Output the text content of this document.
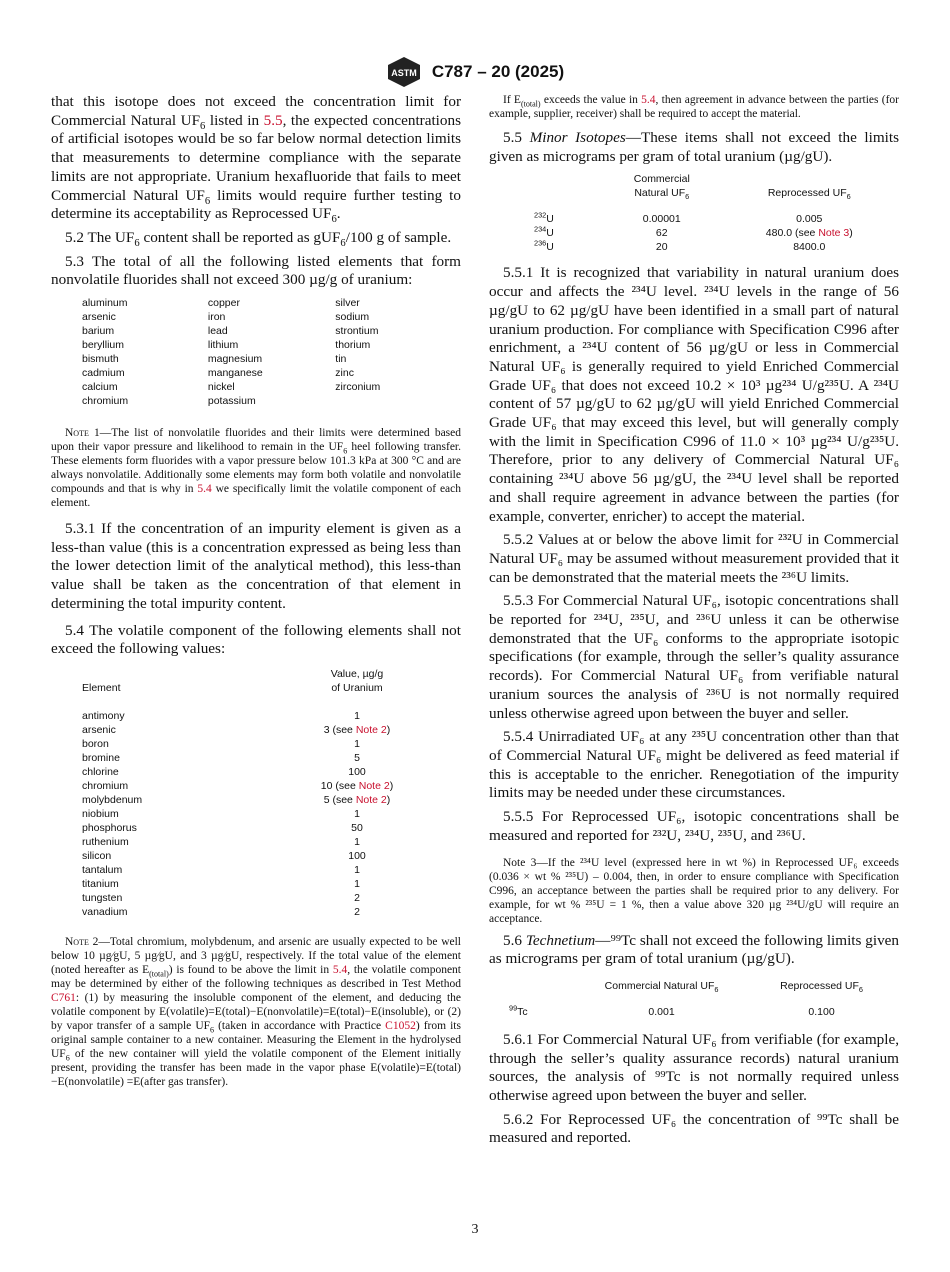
ASTM C787 – 20 (2025)

that this isotope does not exceed the concentration limit for Commercial Natural $UF_6$ listed in 5.5, the expected concentrations of artificial isotopes would be so far below normal detection limits that measurements to determine compliance with the separate limits are not appropriate. Uranium hexafluoride that fails to meet Commercial Natural $UF_6$ limits would require further testing to determine its acceptability as Reprocessed $UF_6$.

5.2 The $UF_6$ content shall be reported as gUF$_6$/100 g of sample.

5.3 The total of all the following listed elements that form nonvolatile fluorides shall not exceed 300 µg/g of uranium:

aluminum	copper	silver
arsenic	iron	sodium
barium	lead	strontium
beryllium	lithium	thorium
bismuth	magnesium	tin
cadmium	manganese	zinc
calcium	nickel	zirconium
chromium	potassium	

Note 1—The list of nonvolatile fluorides and their limits were determined based upon their vapor pressure and likelihood to remain in the $UF_6$ heel following transfer. These elements form fluorides with a vapor pressure below 101.3 kPa at 300 °C and are always nonvolatile. Additionally some elements may form both volatile and nonvolatile compounds and that is why in 5.4 we specifically limit the volatile component of each element.

5.3.1 If the concentration of an impurity element is given as a less-than value (this is a concentration expressed as being less than the lower detection limit of the analytical method), this less-than value shall be taken as the concentration of that element in determining the total impurity content.

5.4 The volatile component of the following elements shall not exceed the following values:

Element	Value, µg/g
of Uranium

antimony	1
arsenic	3 (see Note 2)
boron	1
bromine	5
chlorine	100
chromium	10 (see Note 2)
molybdenum	5 (see Note 2)
niobium	1
phosphorus	50
ruthenium	1
silicon	100
tantalum	1
titanium	1
tungsten	2
vanadium	2

Note 2—Total chromium, molybdenum, and arsenic are usually expected to be well below 10 µg⁄gU, 5 µg⁄gU, and 3 µg⁄gU, respectively. If the total value of the element (noted hereafter as $E_{(total)}$) is found to be above the limit in 5.4, the volatile component may be determined by either of the following techniques as described in Test Method C761: (1) by measuring the insoluble component of the element, and deducing the volatile component by E(volatile)=E(total)−E(nonvolatile)=E(total)−E(insoluble), or (2) by vapor transfer of a sample $UF_6$ (taken in accordance with Practice C1052) from its original sample container to a new container. Measuring the Element in the hydrolysed $UF_6$ of the new container will yield the volatile component of the Element initially present, providing the transfer has been made in the vapor phase E(volatile)=E(total)−E(nonvolatile) =E(after gas transfer).

If $E_{(total)}$ exceeds the value in 5.4, then agreement in advance between the parties (for example, supplier, receiver) shall be required to accept the material.

5.5 Minor Isotopes—These items shall not exceed the limits given as micrograms per gram of total uranium (µg/gU).

	Commercial
Natural $UF_6$	Reprocessed $UF_6$

$^{232}$U	0.00001	0.005
$^{234}$U	62	480.0 (see Note 3)
$^{236}$U	20	8400.0

5.5.1 It is recognized that variability in natural uranium does occur and affects the ²³⁴U level. ²³⁴U levels in the range of 56 µg/gU to 62 µg/gU have been identified in a small part of natural uranium production. For compliance with Specification C996 after enrichment, a ²³⁴U content of 56 µg/gU or less in Commercial Natural UF₆ is generally required to yield Enriched Commercial Grade UF₆ that does not exceed 10.2 × 10³ µg²³⁴ U/g²³⁵U. A ²³⁴U content of 57 µg/gU to 62 µg/gU will yield Enriched Commercial Grade UF₆ that may exceed this level, but will generally comply with the limit in Specification C996 of 11.0 × 10³ µg²³⁴ U/g²³⁵U. Therefore, prior to any delivery of Commercial Natural UF₆ containing ²³⁴U above 56 µg/gU, the ²³⁴U level shall be reported and shall require agreement in advance between the parties (for example, converter, enricher) to accept the material.

5.5.2 Values at or below the above limit for ²³²U in Commercial Natural UF₆ may be assumed without measurement provided that it can be demonstrated that the material meets the ²³⁶U limits.

5.5.3 For Commercial Natural UF₆, isotopic concentrations shall be reported for ²³⁴U, ²³⁵U, and ²³⁶U unless it can be otherwise demonstrated that the UF₆ conforms to the appropriate isotopic specifications (for example, through the seller’s quality assurance records). For Commercial Natural UF₆ from verifiable natural uranium sources the analysis of ²³⁶U is not normally required unless otherwise agreed upon between the buyer and seller.

5.5.4 Unirradiated UF₆ at any ²³⁵U concentration other than that of Commercial Natural UF₆ might be delivered as feed material if this is acceptable to the enricher. Renegotiation of the impurity limits may be needed under these circumstances.

5.5.5 For Reprocessed UF₆, isotopic concentrations shall be measured and reported for ²³²U, ²³⁴U, ²³⁵U, and ²³⁶U.

Note 3—If the ²³⁴U level (expressed here in wt %) in Reprocessed UF₆ exceeds (0.036 × wt % ²³⁵U) – 0.004, then, in order to ensure compliance with Specification C996, an acceptance between the parties shall be required prior to any delivery. For example, for wt % ²³⁵U = 1 %, then a value above 320 µg ²³⁴U/gU will require an acceptance.

5.6 Technetium—⁹⁹Tc shall not exceed the following limits given as micrograms per gram of total uranium (µg/gU).

	Commercial Natural $UF_6$	Reprocessed $UF_6$

$^{99}$Tc	0.001	0.100

5.6.1 For Commercial Natural UF₆ from verifiable (for example, through the seller’s quality assurance records) natural uranium sources, the analysis of ⁹⁹Tc is not normally required unless otherwise agreed upon between the buyer and seller.

5.6.2 For Reprocessed UF₆ the concentration of ⁹⁹Tc shall be measured and reported.

3
